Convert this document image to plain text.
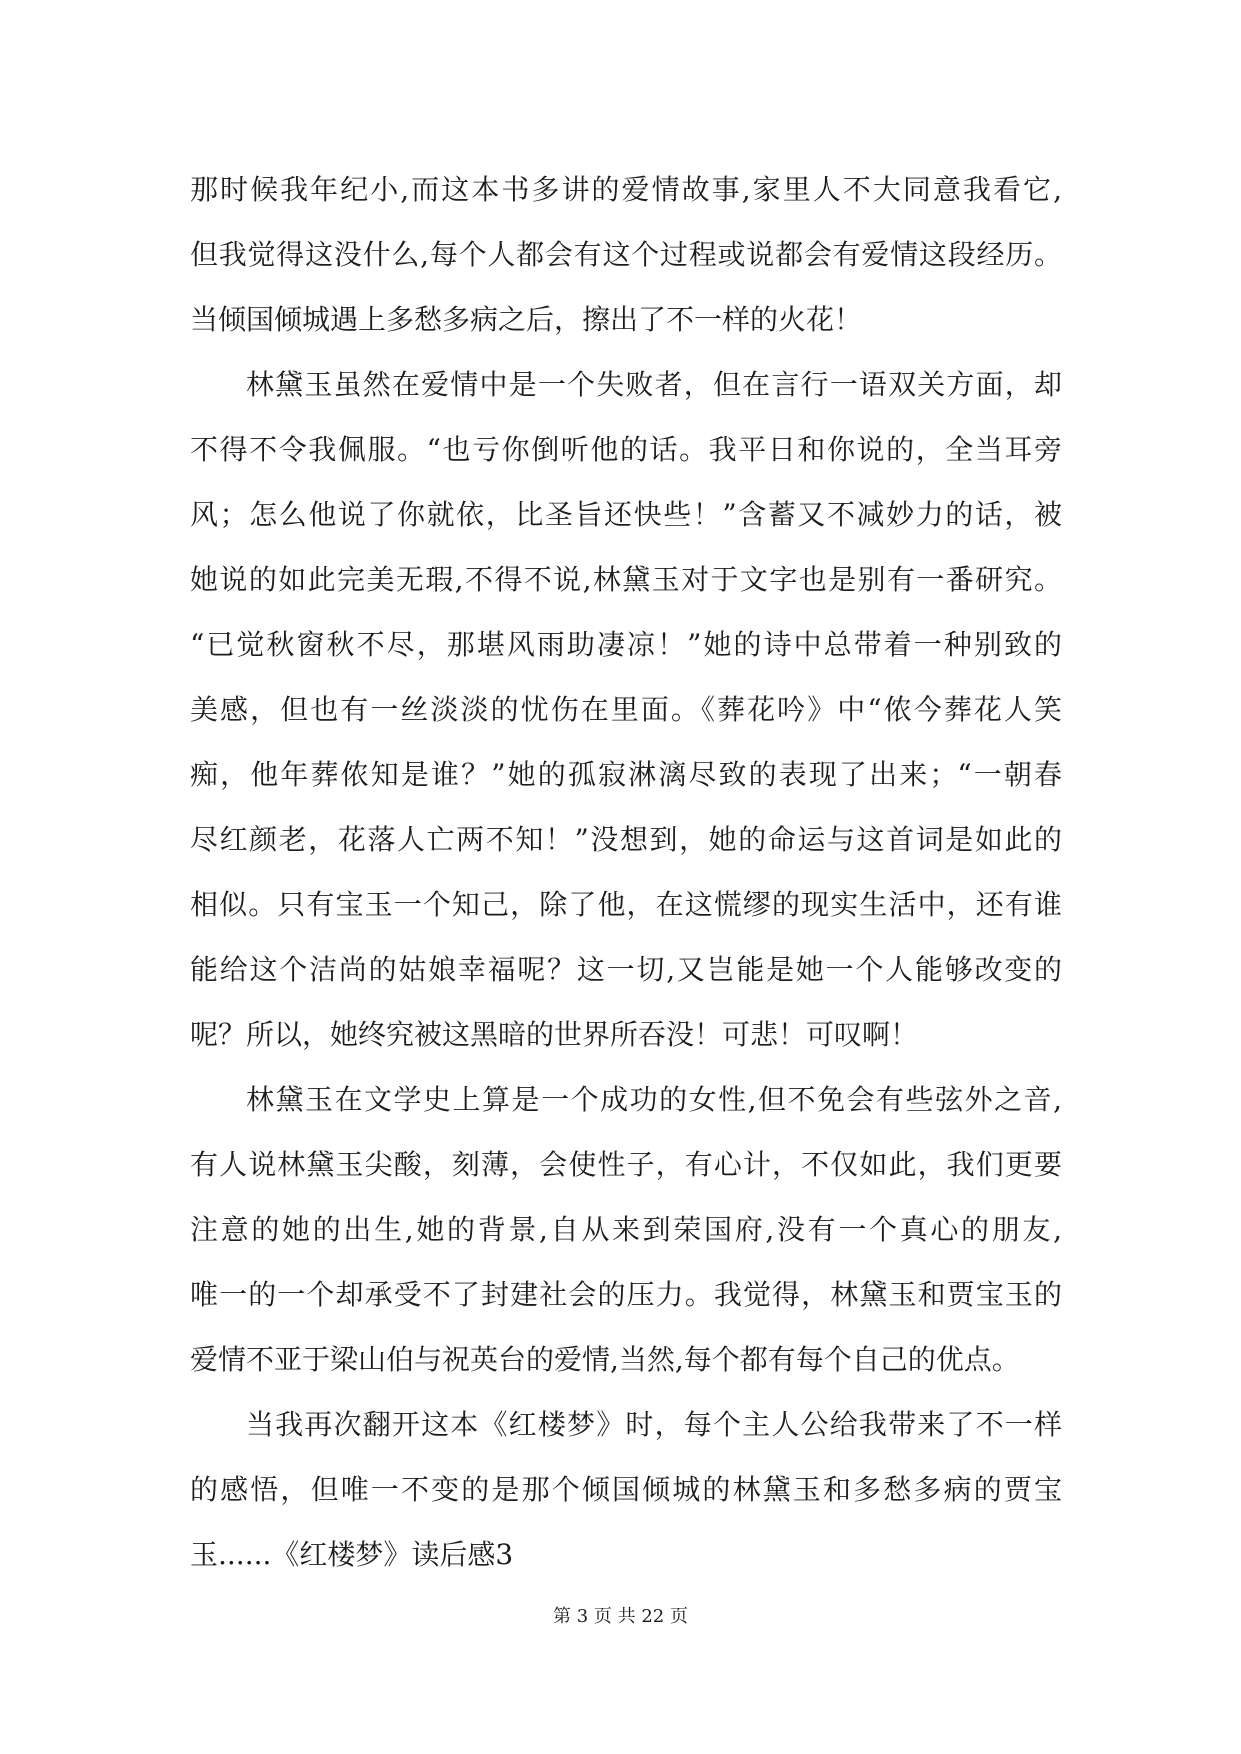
那时候我年纪小,而这本书多讲的爱情故事,家里人不大同意我看它,
但我觉得这没什么,每个人都会有这个过程或说都会有爱情这段经历。
当倾国倾城遇上多愁多病之后，擦出了不一样的火花！
林黛玉虽然在爱情中是一个失败者，但在言行一语双关方面，却
不得不令我佩服。“也亏你倒听他的话。我平日和你说的，全当耳旁
风；怎么他说了你就依，比圣旨还快些！”含蓄又不减妙力的话，被
她说的如此完美无瑕,不得不说,林黛玉对于文字也是别有一番研究。
“已觉秋窗秋不尽，那堪风雨助凄凉！”她的诗中总带着一种别致的
美感，但也有一丝淡淡的忧伤在里面。《葬花吟》中“侬今葬花人笑
痴，他年葬侬知是谁？”她的孤寂淋漓尽致的表现了出来；“一朝春
尽红颜老，花落人亡两不知！”没想到，她的命运与这首词是如此的
相似。只有宝玉一个知己，除了他，在这慌缪的现实生活中，还有谁
能给这个洁尚的姑娘幸福呢？这一切,又岂能是她一个人能够改变的
呢？所以，她终究被这黑暗的世界所吞没！可悲！可叹啊！
林黛玉在文学史上算是一个成功的女性,但不免会有些弦外之音,
有人说林黛玉尖酸，刻薄，会使性子，有心计，不仅如此，我们更要
注意的她的出生,她的背景,自从来到荣国府,没有一个真心的朋友,
唯一的一个却承受不了封建社会的压力。我觉得，林黛玉和贾宝玉的
爱情不亚于梁山伯与祝英台的爱情,当然,每个都有每个自己的优点。
当我再次翻开这本《红楼梦》时，每个主人公给我带来了不一样
的感悟，但唯一不变的是那个倾国倾城的林黛玉和多愁多病的贾宝
玉......《红楼梦》读后感3
第 3 页 共 22 页
